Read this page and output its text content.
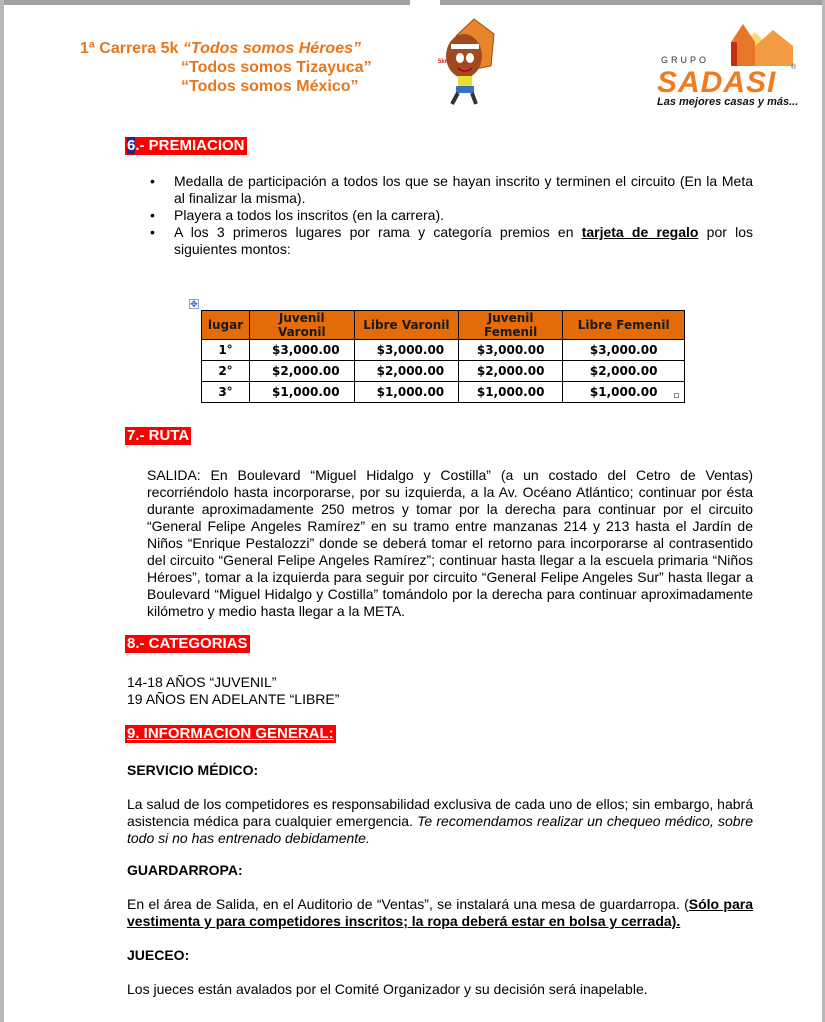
1ª Carrera 5k “Todos somos Héroes”
“Todos somos Tizayuca”
“Todos somos México”
5km	GRUPO
SADASI ®
Las mejores casas y más...
6.- PREMIACION
• Medalla de participación a todos los que se hayan inscrito y terminen el circuito (En la Meta al finalizar la misma).
• Playera a todos los inscritos (en la carrera).
• A los 3 primeros lugares por rama y categoría premios en tarjeta de regalo por los siguientes montos:
✥
lugar	Juvenil Varonil	Libre Varonil	Juvenil Femenil	Libre Femenil
1°	$ 3,000.00	$ 3,000.00	$3,000.00	$3,000.00
2°	$ 2,000.00	$ 2,000.00	$2,000.00	$2,000.00
3°	$ 1,000.00	$ 1,000.00	$1,000.00	$1,000.00
7.- RUTA
SALIDA: En Boulevard “Miguel Hidalgo y Costilla” (a un costado del Cetro de Ventas) recorriéndolo hasta incorporarse, por su izquierda, a la Av. Océano Atlántico; continuar por ésta durante aproximadamente 250 metros y tomar por la derecha para continuar por el circuito “General Felipe Angeles Ramírez” en su tramo entre manzanas 214 y 213 hasta el Jardín de Niños “Enrique Pestalozzi” donde se deberá tomar el retorno para incorporarse al contrasentido del circuito “General Felipe Angeles Ramírez”; continuar hasta llegar a la escuela primaria “Niños Héroes”, tomar a la izquierda para seguir por circuito “General Felipe Angeles Sur” hasta llegar a Boulevard “Miguel Hidalgo y Costilla” tomándolo por la derecha para continuar aproximadamente kilómetro y medio hasta llegar a la META.
8.- CATEGORIAS
14-18 AÑOS “JUVENIL”
19 AÑOS EN ADELANTE “LIBRE”
9. INFORMACION GENERAL:
SERVICIO MÉDICO:
La salud de los competidores es responsabilidad exclusiva de cada uno de ellos; sin embargo, habrá asistencia médica para cualquier emergencia. Te recomendamos realizar un chequeo médico, sobre todo si no has entrenado debidamente.
GUARDARROPA:
En el área de Salida, en el Auditorio de “Ventas”, se instalará una mesa de guardarropa. (Sólo para vestimenta y para competidores inscritos; la ropa deberá estar en bolsa y cerrada).
JUECEO:
Los jueces están avalados por el Comité Organizador y su decisión será inapelable.
